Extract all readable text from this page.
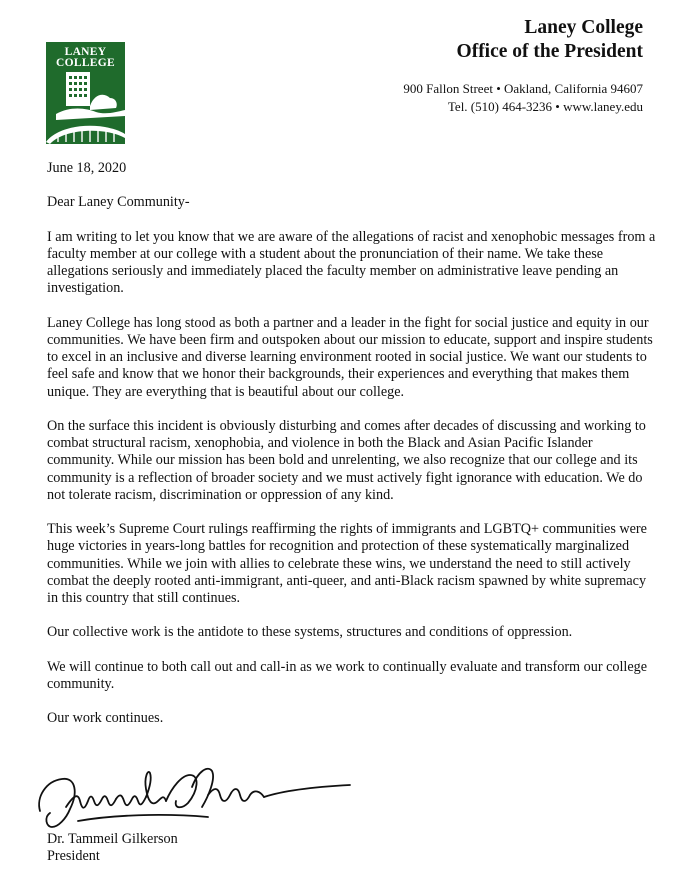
LANEY
COLLEGE
Laney College
Office of the President
900 Fallon Street • Oakland, California 94607
Tel. (510) 464-3236 • www.laney.edu

June 18, 2020

Dear Laney Community-

I am writing to let you know that we are aware of the allegations of racist and xenophobic messages from a faculty member at our college with a student about the pronunciation of their name. We take these allegations seriously and immediately placed the faculty member on administrative leave pending an investigation.

Laney College has long stood as both a partner and a leader in the fight for social justice and equity in our communities. We have been firm and outspoken about our mission to educate, support and inspire students to excel in an inclusive and diverse learning environment rooted in social justice. We want our students to feel safe and know that we honor their backgrounds, their experiences and everything that makes them unique. They are everything that is beautiful about our college.

On the surface this incident is obviously disturbing and comes after decades of discussing and working to combat structural racism, xenophobia, and violence in both the Black and Asian Pacific Islander community. While our mission has been bold and unrelenting, we also recognize that our college and its community is a reflection of broader society and we must actively fight ignorance with education. We do not tolerate racism, discrimination or oppression of any kind.

This week’s Supreme Court rulings reaffirming the rights of immigrants and LGBTQ+ communities were huge victories in years-long battles for recognition and protection of these systematically marginalized communities. While we join with allies to celebrate these wins, we understand the need to still actively combat the deeply rooted anti-immigrant, anti-queer, and anti-Black racism spawned by white supremacy in this country that still continues.

Our collective work is the antidote to these systems, structures and conditions of oppression.

We will continue to both call out and call-in as we work to continually evaluate and transform our college community.

Our work continues.

Dr. Tammeil Gilkerson
President
